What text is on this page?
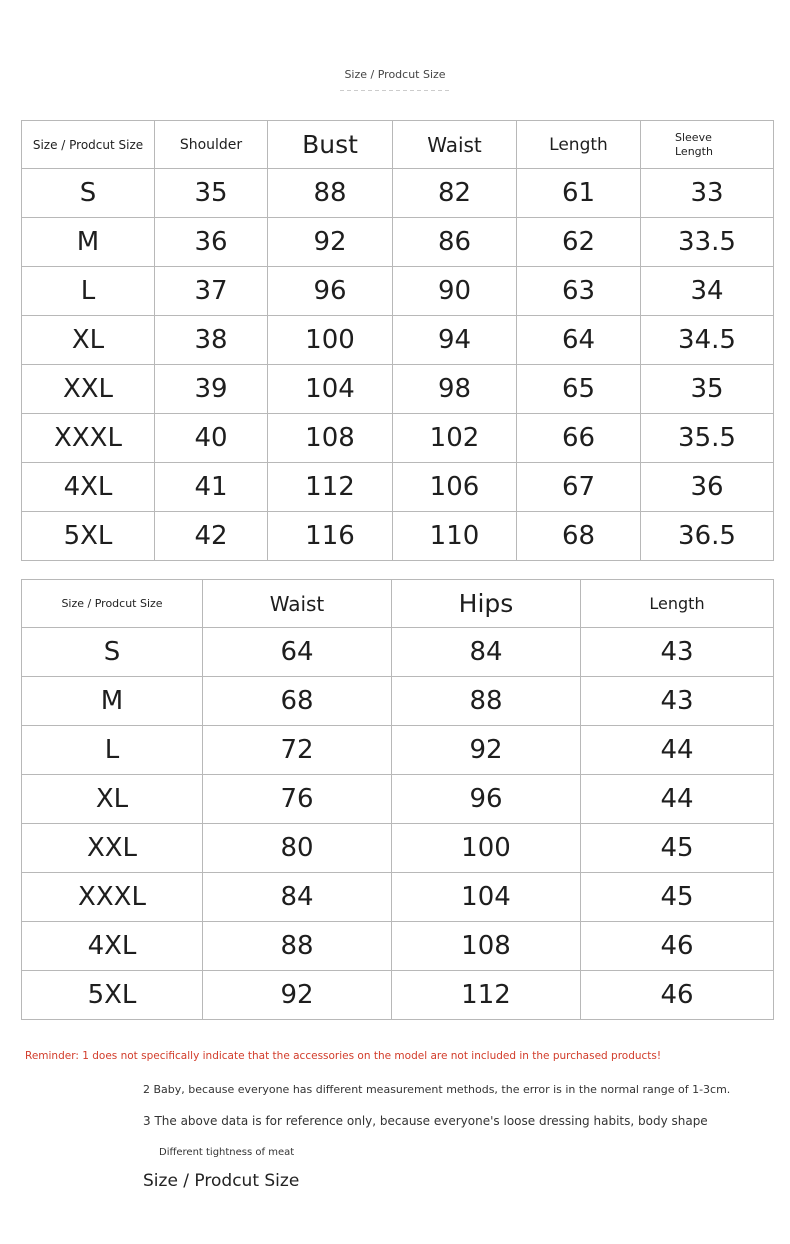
Size / Prodcut Size
Size / Prodcut Size	Shoulder	Bust	Waist	Length	Sleeve
Length
S	35	88	82	61	33
M	36	92	86	62	33.5
L	37	96	90	63	34
XL	38	100	94	64	34.5
XXL	39	104	98	65	35
XXXL	40	108	102	66	35.5
4XL	41	112	106	67	36
5XL	42	116	110	68	36.5
Size / Prodcut Size	Waist	Hips	Length
S	64	84	43
M	68	88	43
L	72	92	44
XL	76	96	44
XXL	80	100	45
XXXL	84	104	45
4XL	88	108	46
5XL	92	112	46
Reminder: 1 does not specifically indicate that the accessories on the model are not included in the purchased products!
2 Baby, because everyone has different measurement methods, the error is in the normal range of 1-3cm.
3 The above data is for reference only, because everyone's loose dressing habits, body shape
Different tightness of meat
Size / Prodcut Size
